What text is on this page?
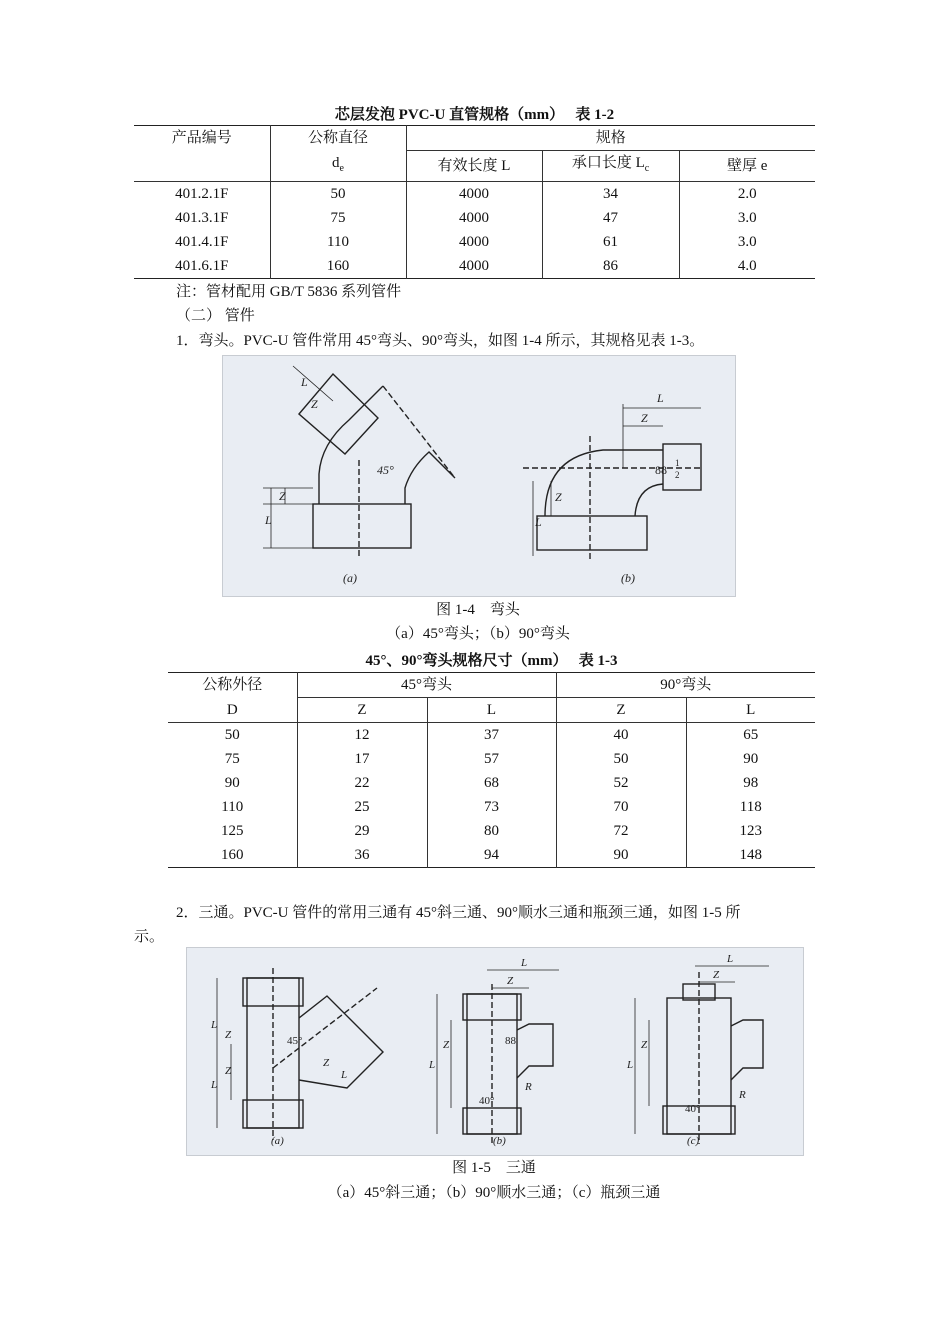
芯层发泡 PVC-U 直管规格（mm）　 表 1-2
产品编号	公称直径	规格		
	$d_e$	有效长度 L	承口长度 $L_c$	壁厚 e
401.2.1F	50	4000	34	2.0
401.3.1F	75	4000	47	3.0
401.4.1F	110	4000	61	3.0
401.6.1F	160	4000	86	4.0
注：管材配用 GB/T 5836 系列管件
（二） 管件
1．弯头。PVC-U 管件常用 45°弯头、90°弯头，如图 1-4 所示，其规格见表 1-3。
45°
L
Z
L
Z
(a)
88 1
2
L
Z
L
Z
(b)
图 1-4　弯头
（a）45°弯头；（b）90°弯头
45°、90°弯头规格尺寸（mm）　 表 1-3
公称外径	45°弯头		90°弯头	
D	Z	L	Z	L
50	12	37	40	65
75	17	57	50	90
90	22	68	52	98
110	25	73	70	118
125	29	80	72	123
160	36	94	90	148
2．三通。PVC-U 管件的常用三通有 45°斜三通、90°顺水三通和瓶颈三通，如图 1-5 所
示。
45°
L
L
Z
Z
Z
L
(a)
88
40°
R
L
Z
L
Z
(b)
40°
R
L
Z
L
Z
(c)
图 1-5　三通
（a）45°斜三通；（b）90°顺水三通；（c）瓶颈三通
